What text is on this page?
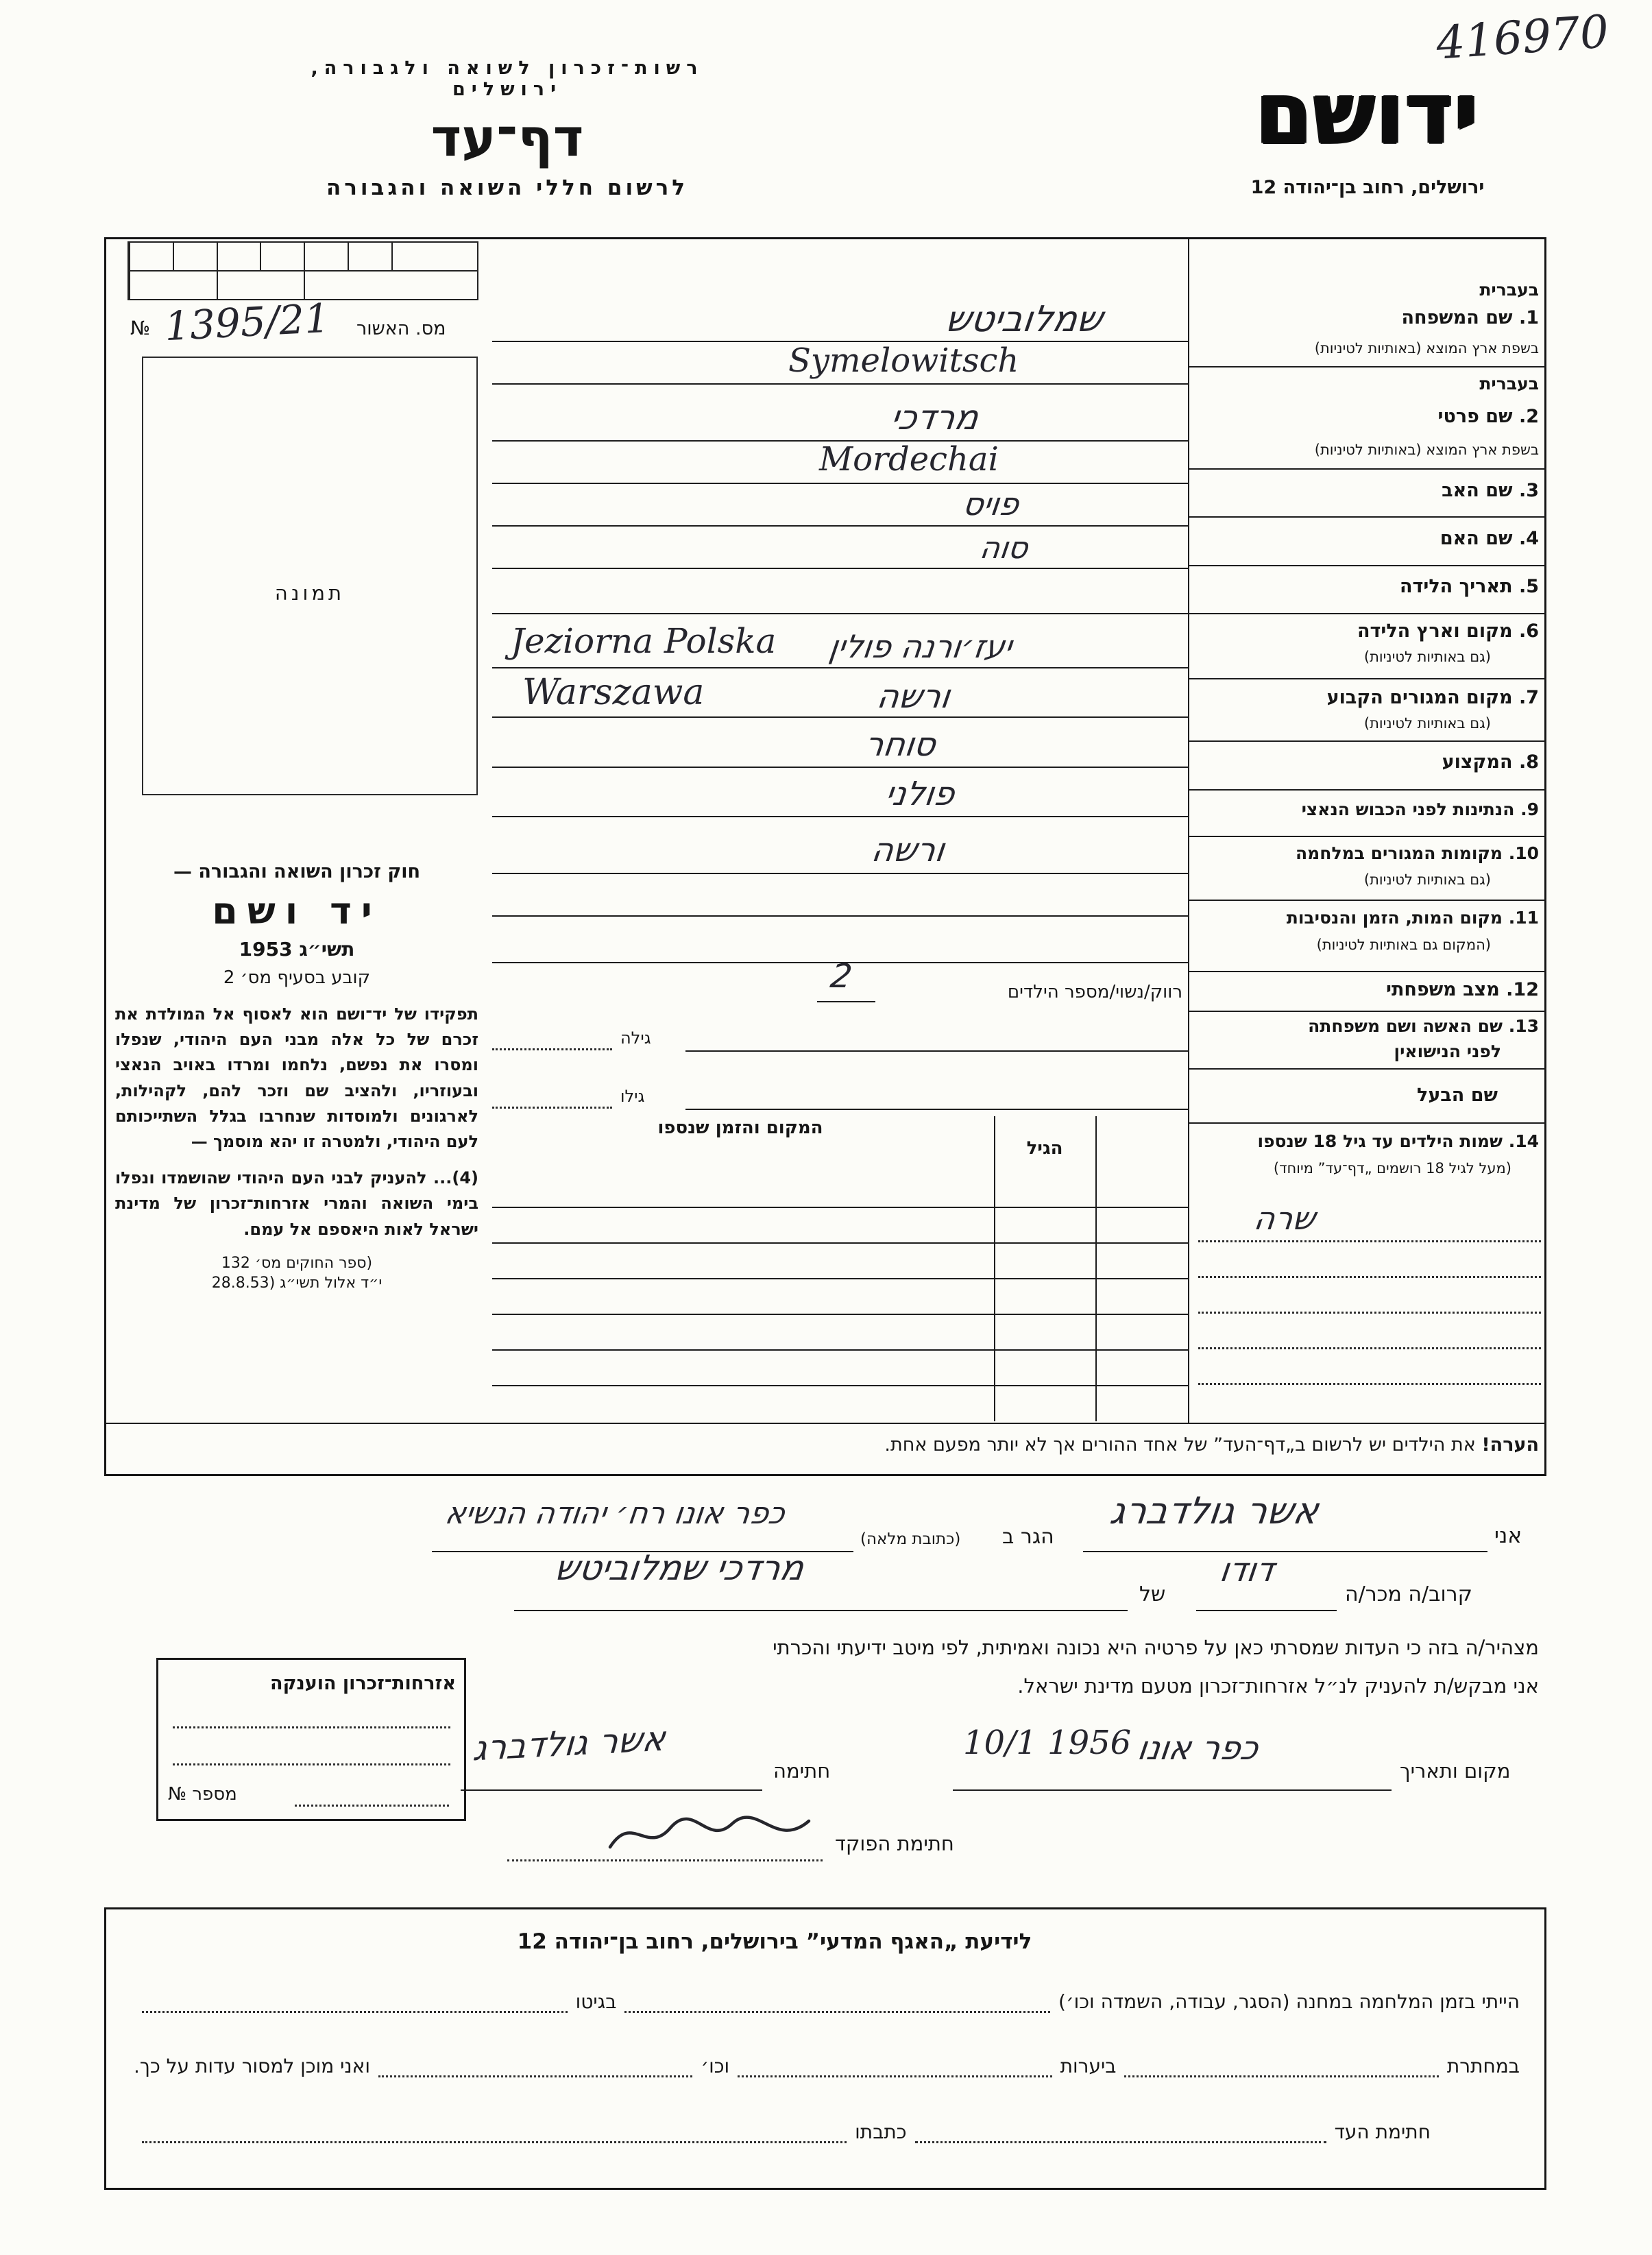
416970
רשות־זכרון לשואה ולגבורה, ירושלים
דף־עד
לרשום חללי השואה והגבורה
ידושם
ירושלים, רחוב בן־יהודה 12
№ 1395/21 מס. האשור
תמונה
חוק זכרון השואה והגבורה —
יד ושם
תשי״ג 1953
קובע בסעיף מס׳ 2
תפקידו של יד־ושם הוא לאסוף אל המולדת את זכרם של כל אלה מבני העם היהודי, שנפלו ומסרו את נפשם, נלחמו ומרדו באויב הנאצי ובעוזריו, ולהציב שם וזכר להם, לקהילות, לארגונים ולמוסדות שנחרבו בגלל השתייכותם לעם היהודי, ולמטרה זו יהא מוסמך —
(4)... להעניק לבני העם היהודי שהושמדו ונפלו בימי השואה והמרי אזרחות־זכרון של מדינת ישראל לאות היאספם אל עמם.
(ספר החוקים מס׳ 132
י״ד אלול תשי״ג (28.8.53
בעברית
1. שם המשפחה
בשפת ארץ המוצא (באותיות לטיניות)
בעברית
2. שם פרטי
בשפת ארץ המוצא (באותיות לטיניות)
3. שם האב
4. שם האם
5. תאריך הלידה
6. מקום וארץ הלידה
(גם באותיות לטיניות)
7. מקום המגורים הקבוע
(גם באותיות לטיניות)
8. המקצוע
9. הנתינות לפני הכבוש הנאצי
10. מקומות המגורים במלחמה
(גם באותיות לטיניות)
11. מקום המות, הזמן והנסיבות
(המקום גם באותיות לטיניות)
12. מצב משפחתי
13. שם האשה ושם משפחתה
לפני הנישואין
שם הבעל
14. שמות הילדים עד גיל 18 שנספו
(מעל לגיל 18 רושמים „דף־עד” מיוחד)
שמלוביטש
Symelowitsch
מרדכי
Mordechai
פויס
סוה
Jeziorna Polska יעז׳ורנה פולין
Warszawa	ורשה
סוחר
פולני
ורשה
2	רווק/נשוי/מספר הילדים
גילה
גילו
המקום והזמן שנספו
הגיל
שרה
הערה! את הילדים יש לרשום ב„דף־העד” של אחד ההורים אך לא יותר מפעם אחת.
אני
אשר גולדברג
הגר ב
(כתובת מלאה)
כפר אונו רח׳ יהודה הנשיא
קרוב/ה מכר/ה
דודו
של
מרדכי שמלוביטש
מצהיר/ה בזה כי העדות שמסרתי כאן על פרטיה היא נכונה ואמיתית, לפי מיטב ידיעתי והכרתי
אני מבקש/ת להעניק לנ״ל אזרחות־זכרון מטעם מדינת ישראל.
מקום ותאריך
כפר אונו
10/1 1956
חתימה
אשר גולדברג
חתימת הפוקד
אזרחות־זכרון הוענקה
מספר №
לידיעת „האגף המדעי” בירושלים, רחוב בן־יהודה 12
הייתי בזמן המלחמה במחנה (הסגר, עבודה, השמדה וכו׳)
בגיטו
במחתרת
ביערות
וכו׳
ואני מוכן למסור עדות על כך.
חתימת העד
כתבתו
